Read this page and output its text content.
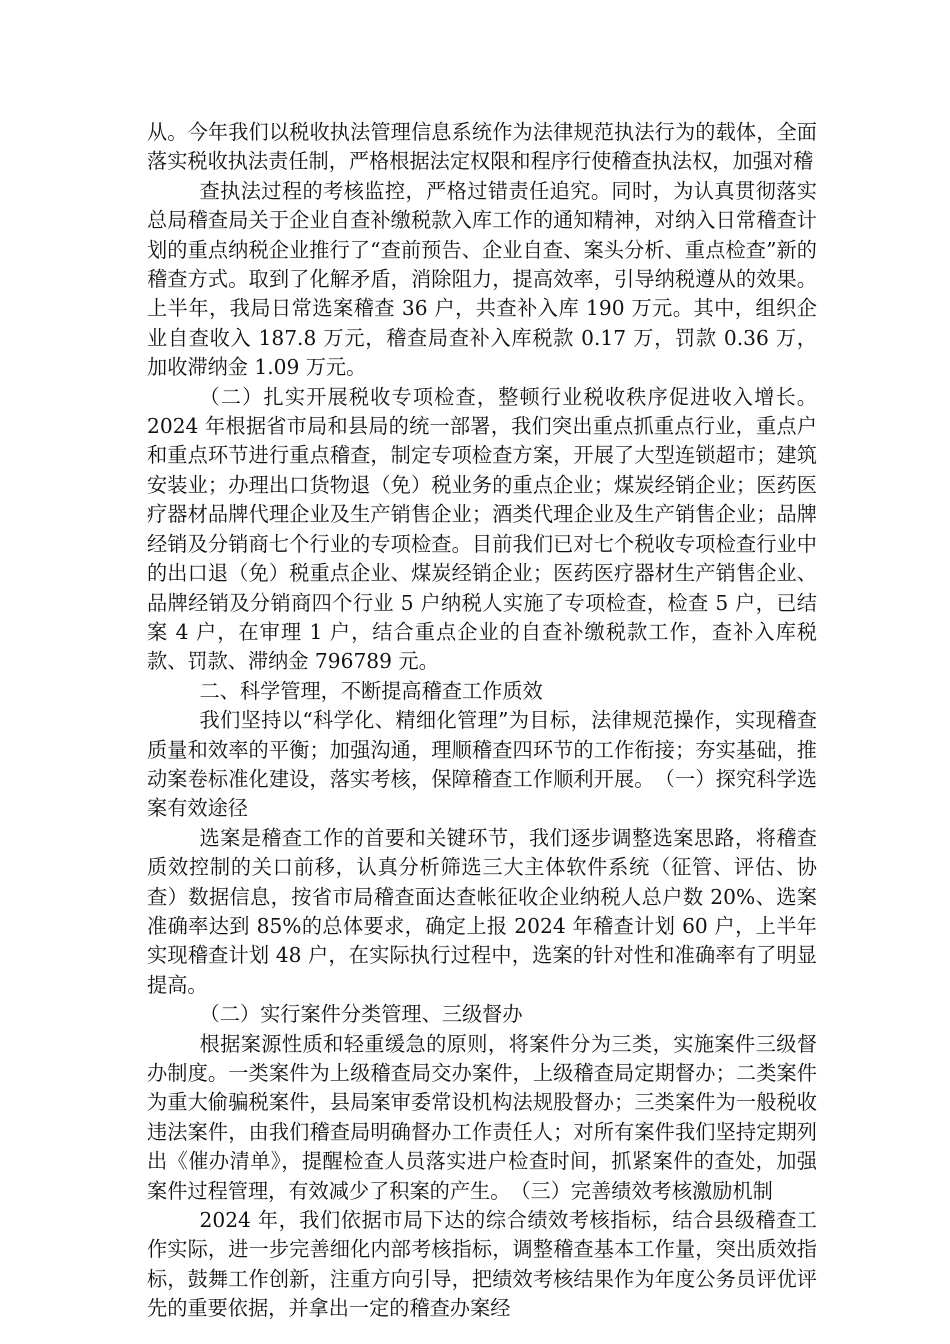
从。今年我们以税收执法管理信息系统作为法律规范执法行为的载体，全面落实税收执法责任制，严格根据法定权限和程序行使稽查执法权，加强对稽

查执法过程的考核监控，严格过错责任追究。同时，为认真贯彻落实总局稽查局关于企业自查补缴税款入库工作的通知精神，对纳入日常稽查计划的重点纳税企业推行了“查前预告、企业自查、案头分析、重点检查”新的稽查方式。取到了化解矛盾，消除阻力，提高效率，引导纳税遵从的效果。上半年，我局日常选案稽查 36 户，共查补入库 190 万元。其中，组织企业自查收入 187.8 万元，稽查局查补入库税款 0.17 万，罚款 0.36 万，加收滞纳金 1.09 万元。

（二）扎实开展税收专项检查，整顿行业税收秩序促进收入增长。2024 年根据省市局和县局的统一部署，我们突出重点抓重点行业，重点户和重点环节进行重点稽查，制定专项检查方案，开展了大型连锁超市；建筑安装业；办理出口货物退（免）税业务的重点企业；煤炭经销企业；医药医疗器材品牌代理企业及生产销售企业；酒类代理企业及生产销售企业；品牌经销及分销商七个行业的专项检查。目前我们已对七个税收专项检查行业中的出口退（免）税重点企业、煤炭经销企业；医药医疗器材生产销售企业、品牌经销及分销商四个行业 5 户纳税人实施了专项检查，检查 5 户，已结案 4 户，在审理 1 户，结合重点企业的自查补缴税款工作，查补入库税款、罚款、滞纳金 796789 元。

二、科学管理，不断提高稽查工作质效

我们坚持以“科学化、精细化管理”为目标，法律规范操作，实现稽查质量和效率的平衡；加强沟通，理顺稽查四环节的工作衔接；夯实基础，推动案卷标准化建设，落实考核，保障稽查工作顺利开展。　（一）探究科学选案有效途径

选案是稽查工作的首要和关键环节，我们逐步调整选案思路，将稽查质效控制的关口前移，认真分析筛选三大主体软件系统（征管、评估、协查）数据信息，按省市局稽查面达查帐征收企业纳税人总户数 20%、选案准确率达到 85%的总体要求，确定上报 2024 年稽查计划 60 户，上半年实现稽查计划 48 户，在实际执行过程中，选案的针对性和准确率有了明显提高。

（二）实行案件分类管理、三级督办

根据案源性质和轻重缓急的原则，将案件分为三类，实施案件三级督办制度。一类案件为上级稽查局交办案件，上级稽查局定期督办；二类案件为重大偷骗税案件，县局案审委常设机构法规股督办；三类案件为一般税收违法案件，由我们稽查局明确督办工作责任人；对所有案件我们坚持定期列出《催办清单》，提醒检查人员落实进户检查时间，抓紧案件的查处，加强案件过程管理，有效减少了积案的产生。　（三）完善绩效考核激励机制

2024 年，我们依据市局下达的综合绩效考核指标，结合县级稽查工作实际，进一步完善细化内部考核指标，调整稽查基本工作量，突出质效指标，鼓舞工作创新，注重方向引导，把绩效考核结果作为年度公务员评优评先的重要依据，并拿出一定的稽查办案经
